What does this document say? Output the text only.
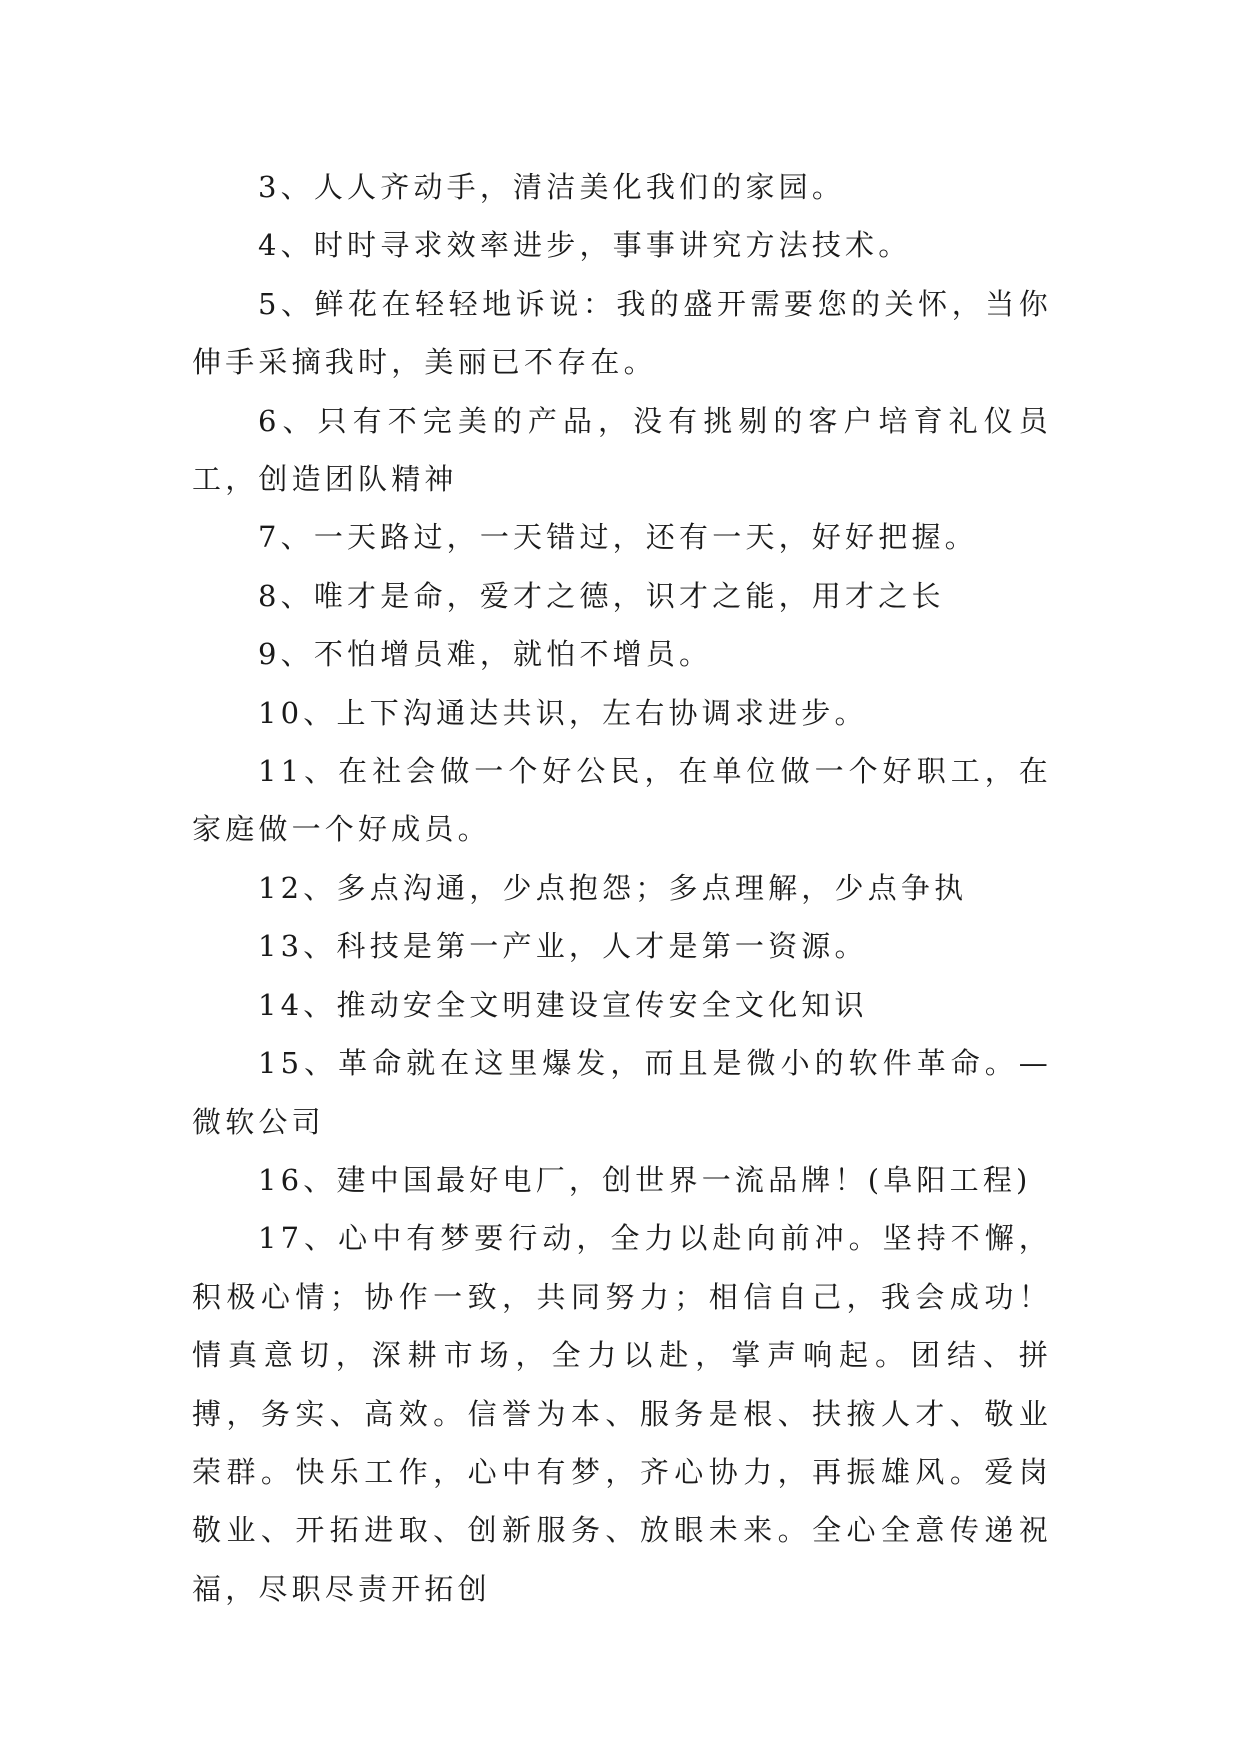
3、人人齐动手，清洁美化我们的家园。

4、时时寻求效率进步，事事讲究方法技术。

5、鲜花在轻轻地诉说：我的盛开需要您的关怀，当你伸手采摘我时，美丽已不存在。

6、只有不完美的产品，没有挑剔的客户培育礼仪员工，创造团队精神

7、一天路过，一天错过，还有一天，好好把握。

8、唯才是命，爱才之德，识才之能，用才之长

9、不怕增员难，就怕不增员。

10、上下沟通达共识，左右协调求进步。

11、在社会做一个好公民，在单位做一个好职工，在家庭做一个好成员。

12、多点沟通，少点抱怨；多点理解，少点争执

13、科技是第一产业，人才是第一资源。

14、推动安全文明建设宣传安全文化知识

15、革命就在这里爆发，而且是微小的软件革命。—微软公司

16、建中国最好电厂，创世界一流品牌！(阜阳工程)

17、心中有梦要行动，全力以赴向前冲。坚持不懈，积极心情；协作一致，共同努力；相信自己，我会成功！情真意切，深耕市场，全力以赴，掌声响起。团结、拼搏，务实、高效。信誉为本、服务是根、扶掖人才、敬业荣群。快乐工作，心中有梦，齐心协力，再振雄风。爱岗敬业、开拓进取、创新服务、放眼未来。全心全意传递祝福，尽职尽责开拓创
